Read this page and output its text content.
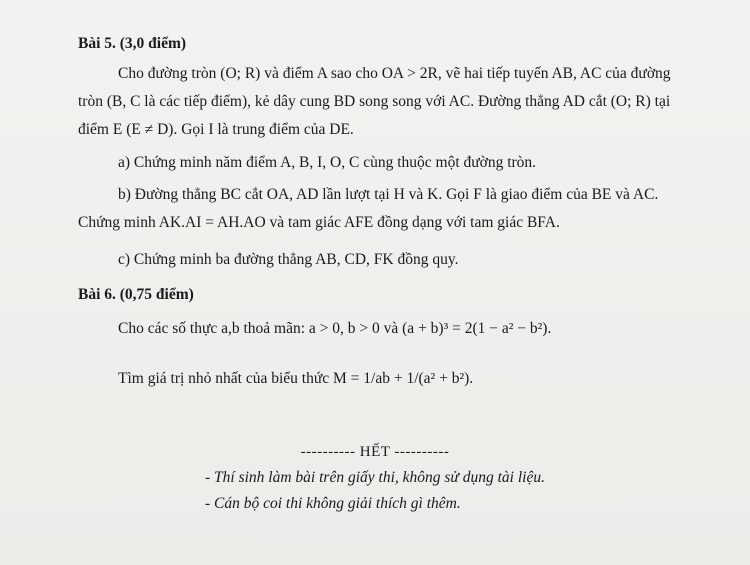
Bài 5. (3,0 điểm)
Cho đường tròn (O; R) và điểm A sao cho OA > 2R, vẽ hai tiếp tuyến AB, AC của đường
tròn (B, C là các tiếp điểm), kẻ dây cung BD song song với AC. Đường thẳng AD cắt (O; R) tại
điểm E (E ≠ D). Gọi I là trung điểm của DE.
a) Chứng minh năm điểm A, B, I, O, C cùng thuộc một đường tròn.
b) Đường thẳng BC cắt OA, AD lần lượt tại H và K. Gọi F là giao điểm của BE và AC.
Chứng minh AK.AI = AH.AO và tam giác AFE đồng dạng với tam giác BFA.
c) Chứng minh ba đường thẳng AB, CD, FK đồng quy.
Bài 6. (0,75 điểm)
Cho các số thực a,b thoả mãn: a > 0, b > 0 và (a + b)³ = 2(1 − a² − b²).
Tìm giá trị nhỏ nhất của biểu thức M = 1/ab + 1/(a² + b²).
---------- HẾT ----------
- Thí sinh làm bài trên giấy thi, không sử dụng tài liệu.
- Cán bộ coi thi không giải thích gì thêm.
